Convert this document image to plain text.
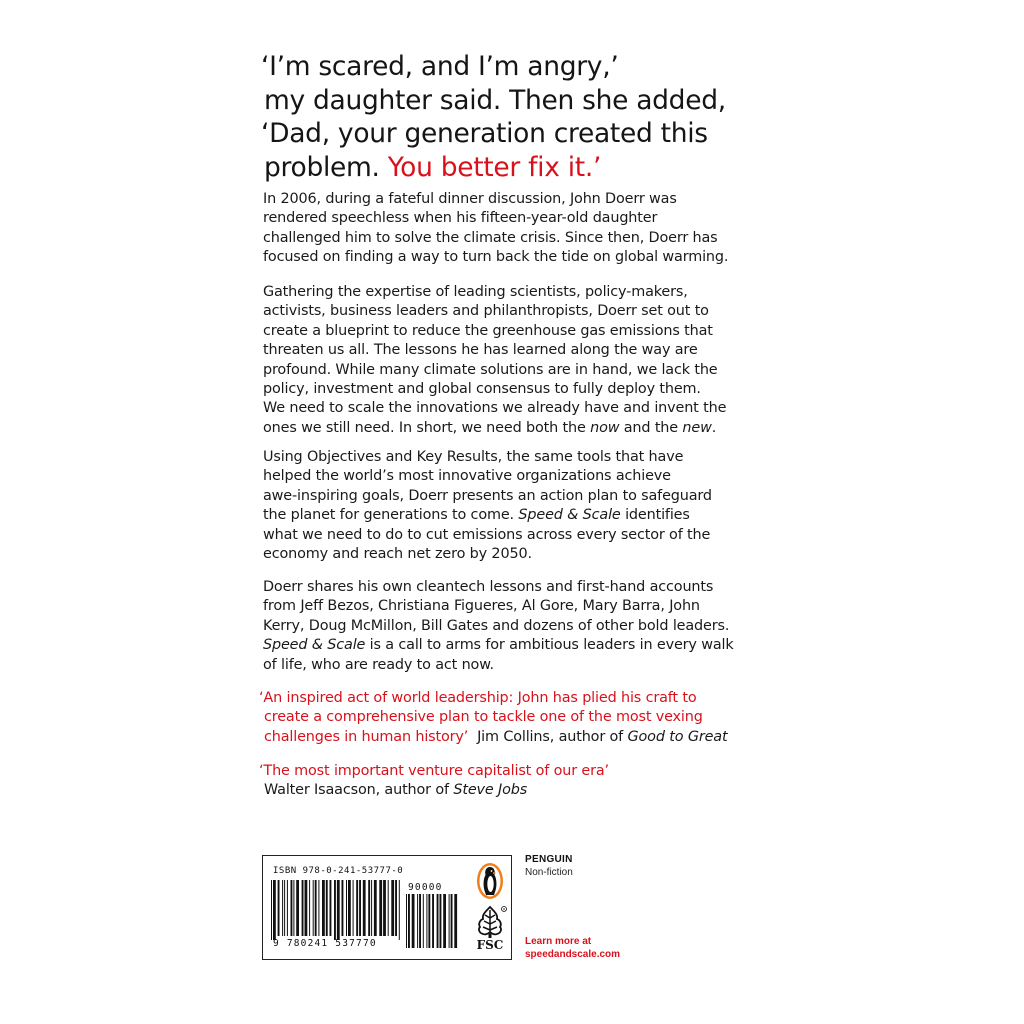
‘I’m scared, and I’m angry,’
my daughter said. Then she added,
‘Dad, your generation created this
problem. You better fix it.’
In 2006, during a fateful dinner discussion, John Doerr was
rendered speechless when his fifteen-year-old daughter
challenged him to solve the climate crisis. Since then, Doerr has
focused on finding a way to turn back the tide on global warming.
Gathering the expertise of leading scientists, policy-makers,
activists, business leaders and philanthropists, Doerr set out to
create a blueprint to reduce the greenhouse gas emissions that
threaten us all. The lessons he has learned along the way are
profound. While many climate solutions are in hand, we lack the
policy, investment and global consensus to fully deploy them.
We need to scale the innovations we already have and invent the
ones we still need. In short, we need both the now and the new.
Using Objectives and Key Results, the same tools that have
helped the world’s most innovative organizations achieve
awe-inspiring goals, Doerr presents an action plan to safeguard
the planet for generations to come. Speed & Scale identifies
what we need to do to cut emissions across every sector of the
economy and reach net zero by 2050.
Doerr shares his own cleantech lessons and first-hand accounts
from Jeff Bezos, Christiana Figueres, Al Gore, Mary Barra, John
Kerry, Doug McMillon, Bill Gates and dozens of other bold leaders.
Speed & Scale is a call to arms for ambitious leaders in every walk
of life, who are ready to act now.
‘An inspired act of world leadership: John has plied his craft to
create a comprehensive plan to tackle one of the most vexing
challenges in human history’ Jim Collins, author of Good to Great
‘The most important venture capitalist of our era’
Walter Isaacson, author of Steve Jobs
ISBN 978-0-241-53777-0
9 780241 537770
90000
R
FSC
PENGUIN
Non-fiction
Learn more at
speedandscale.com
